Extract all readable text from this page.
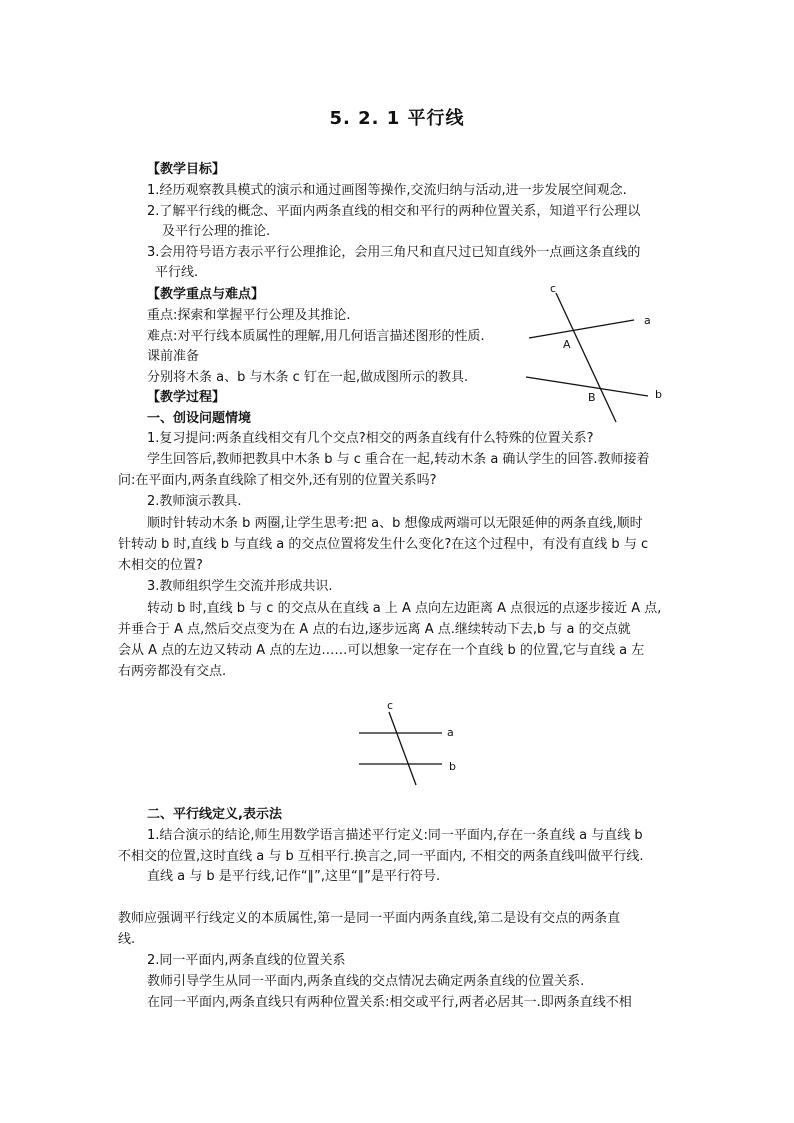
5. 2. 1 平行线
【教学目标】
1.经历观察教具模式的演示和通过画图等操作,交流归纳与活动,进一步发展空间观念.
2.了解平行线的概念、平面内两条直线的相交和平行的两种位置关系，知道平行公理以
及平行公理的推论.
3.会用符号语方表示平行公理推论，会用三角尺和直尺过已知直线外一点画这条直线的
平行线.
【教学重点与难点】
重点:探索和掌握平行公理及其推论.
难点:对平行线本质属性的理解,用几何语言描述图形的性质.
课前准备
分别将木条 a、b 与木条 c 钉在一起,做成图所示的教具.
【教学过程】
c
a
b
A
B
一、创设问题情境
1.复习提问:两条直线相交有几个交点?相交的两条直线有什么特殊的位置关系?
学生回答后,教师把教具中木条 b 与 c 重合在一起,转动木条 a 确认学生的回答.教师接着
问:在平面内,两条直线除了相交外,还有别的位置关系吗?
2.教师演示教具.
顺时针转动木条 b 两圈,让学生思考:把 a、b 想像成两端可以无限延伸的两条直线,顺时
针转动 b 时,直线 b 与直线 a 的交点位置将发生什么变化?在这个过程中，有没有直线 b 与 c
木相交的位置?
3.教师组织学生交流并形成共识.
转动 b 时,直线 b 与 c 的交点从在直线 a 上 A 点向左边距离 A 点很远的点逐步接近 A 点,
并垂合于 A 点,然后交点变为在 A 点的右边,逐步远离 A 点.继续转动下去,b 与 a 的交点就
会从 A 点的左边又转动 A 点的左边……可以想象一定存在一个直线 b 的位置,它与直线 a 左
右两旁都没有交点.
c
a
b
二、平行线定义,表示法
1.结合演示的结论,师生用数学语言描述平行定义:同一平面内,存在一条直线 a 与直线 b
不相交的位置,这时直线 a 与 b 互相平行.换言之,同一平面内, 不相交的两条直线叫做平行线.
直线 a 与 b 是平行线,记作“∥”,这里“∥”是平行符号.
教师应强调平行线定义的本质属性,第一是同一平面内两条直线,第二是设有交点的两条直
线.
2.同一平面内,两条直线的位置关系
教师引导学生从同一平面内,两条直线的交点情况去确定两条直线的位置关系.
在同一平面内,两条直线只有两种位置关系:相交或平行,两者必居其一.即两条直线不相
